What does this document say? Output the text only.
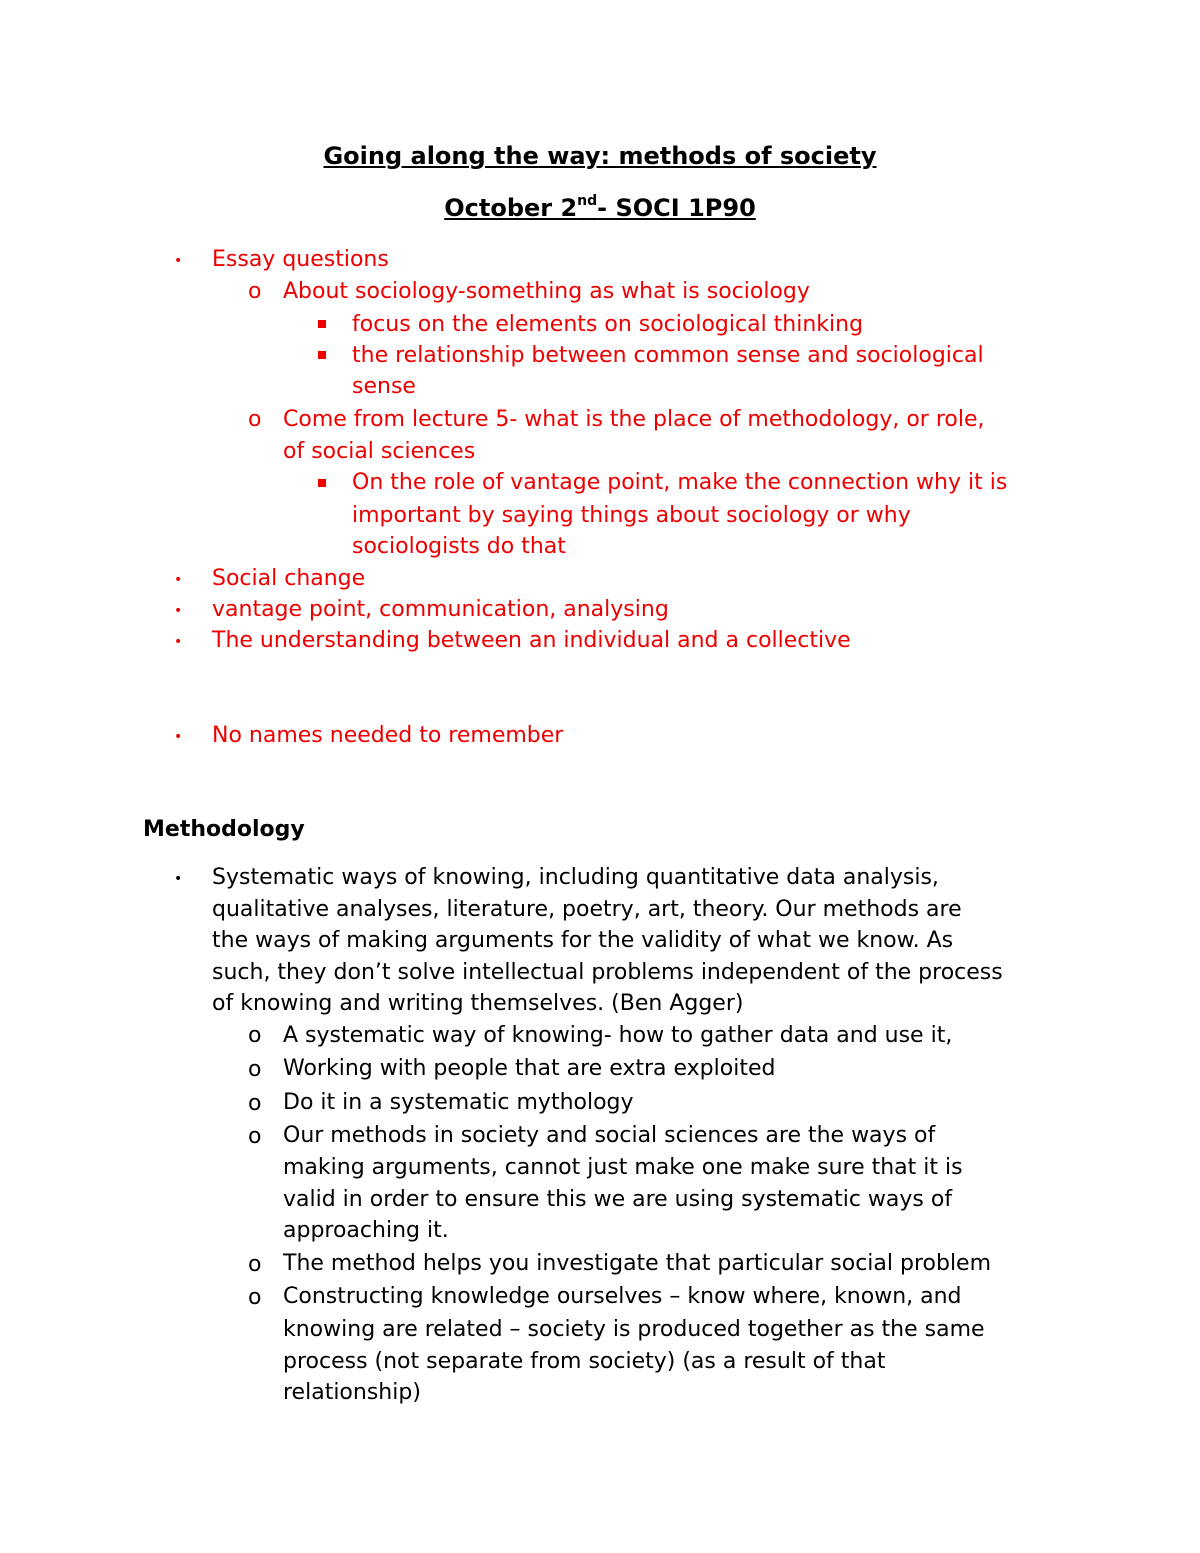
Going along the way: methods of society
October 2nd- SOCI 1P90
• Essay questions
o About sociology-something as what is sociology
focus on the elements on sociological thinking
the relationship between common sense and sociological
sense
o Come from lecture 5- what is the place of methodology, or role,
of social sciences
On the role of vantage point, make the connection why it is
important by saying things about sociology or why
sociologists do that
• Social change
• vantage point, communication, analysing
• The understanding between an individual and a collective
• No names needed to remember
Methodology
• Systematic ways of knowing, including quantitative data analysis,
qualitative analyses, literature, poetry, art, theory. Our methods are
the ways of making arguments for the validity of what we know. As
such, they don’t solve intellectual problems independent of the process
of knowing and writing themselves. (Ben Agger)
o A systematic way of knowing- how to gather data and use it,
o Working with people that are extra exploited
o Do it in a systematic mythology
o Our methods in society and social sciences are the ways of
making arguments, cannot just make one make sure that it is
valid in order to ensure this we are using systematic ways of
approaching it.
o The method helps you investigate that particular social problem
o Constructing knowledge ourselves – know where, known, and
knowing are related – society is produced together as the same
process (not separate from society) (as a result of that
relationship)
